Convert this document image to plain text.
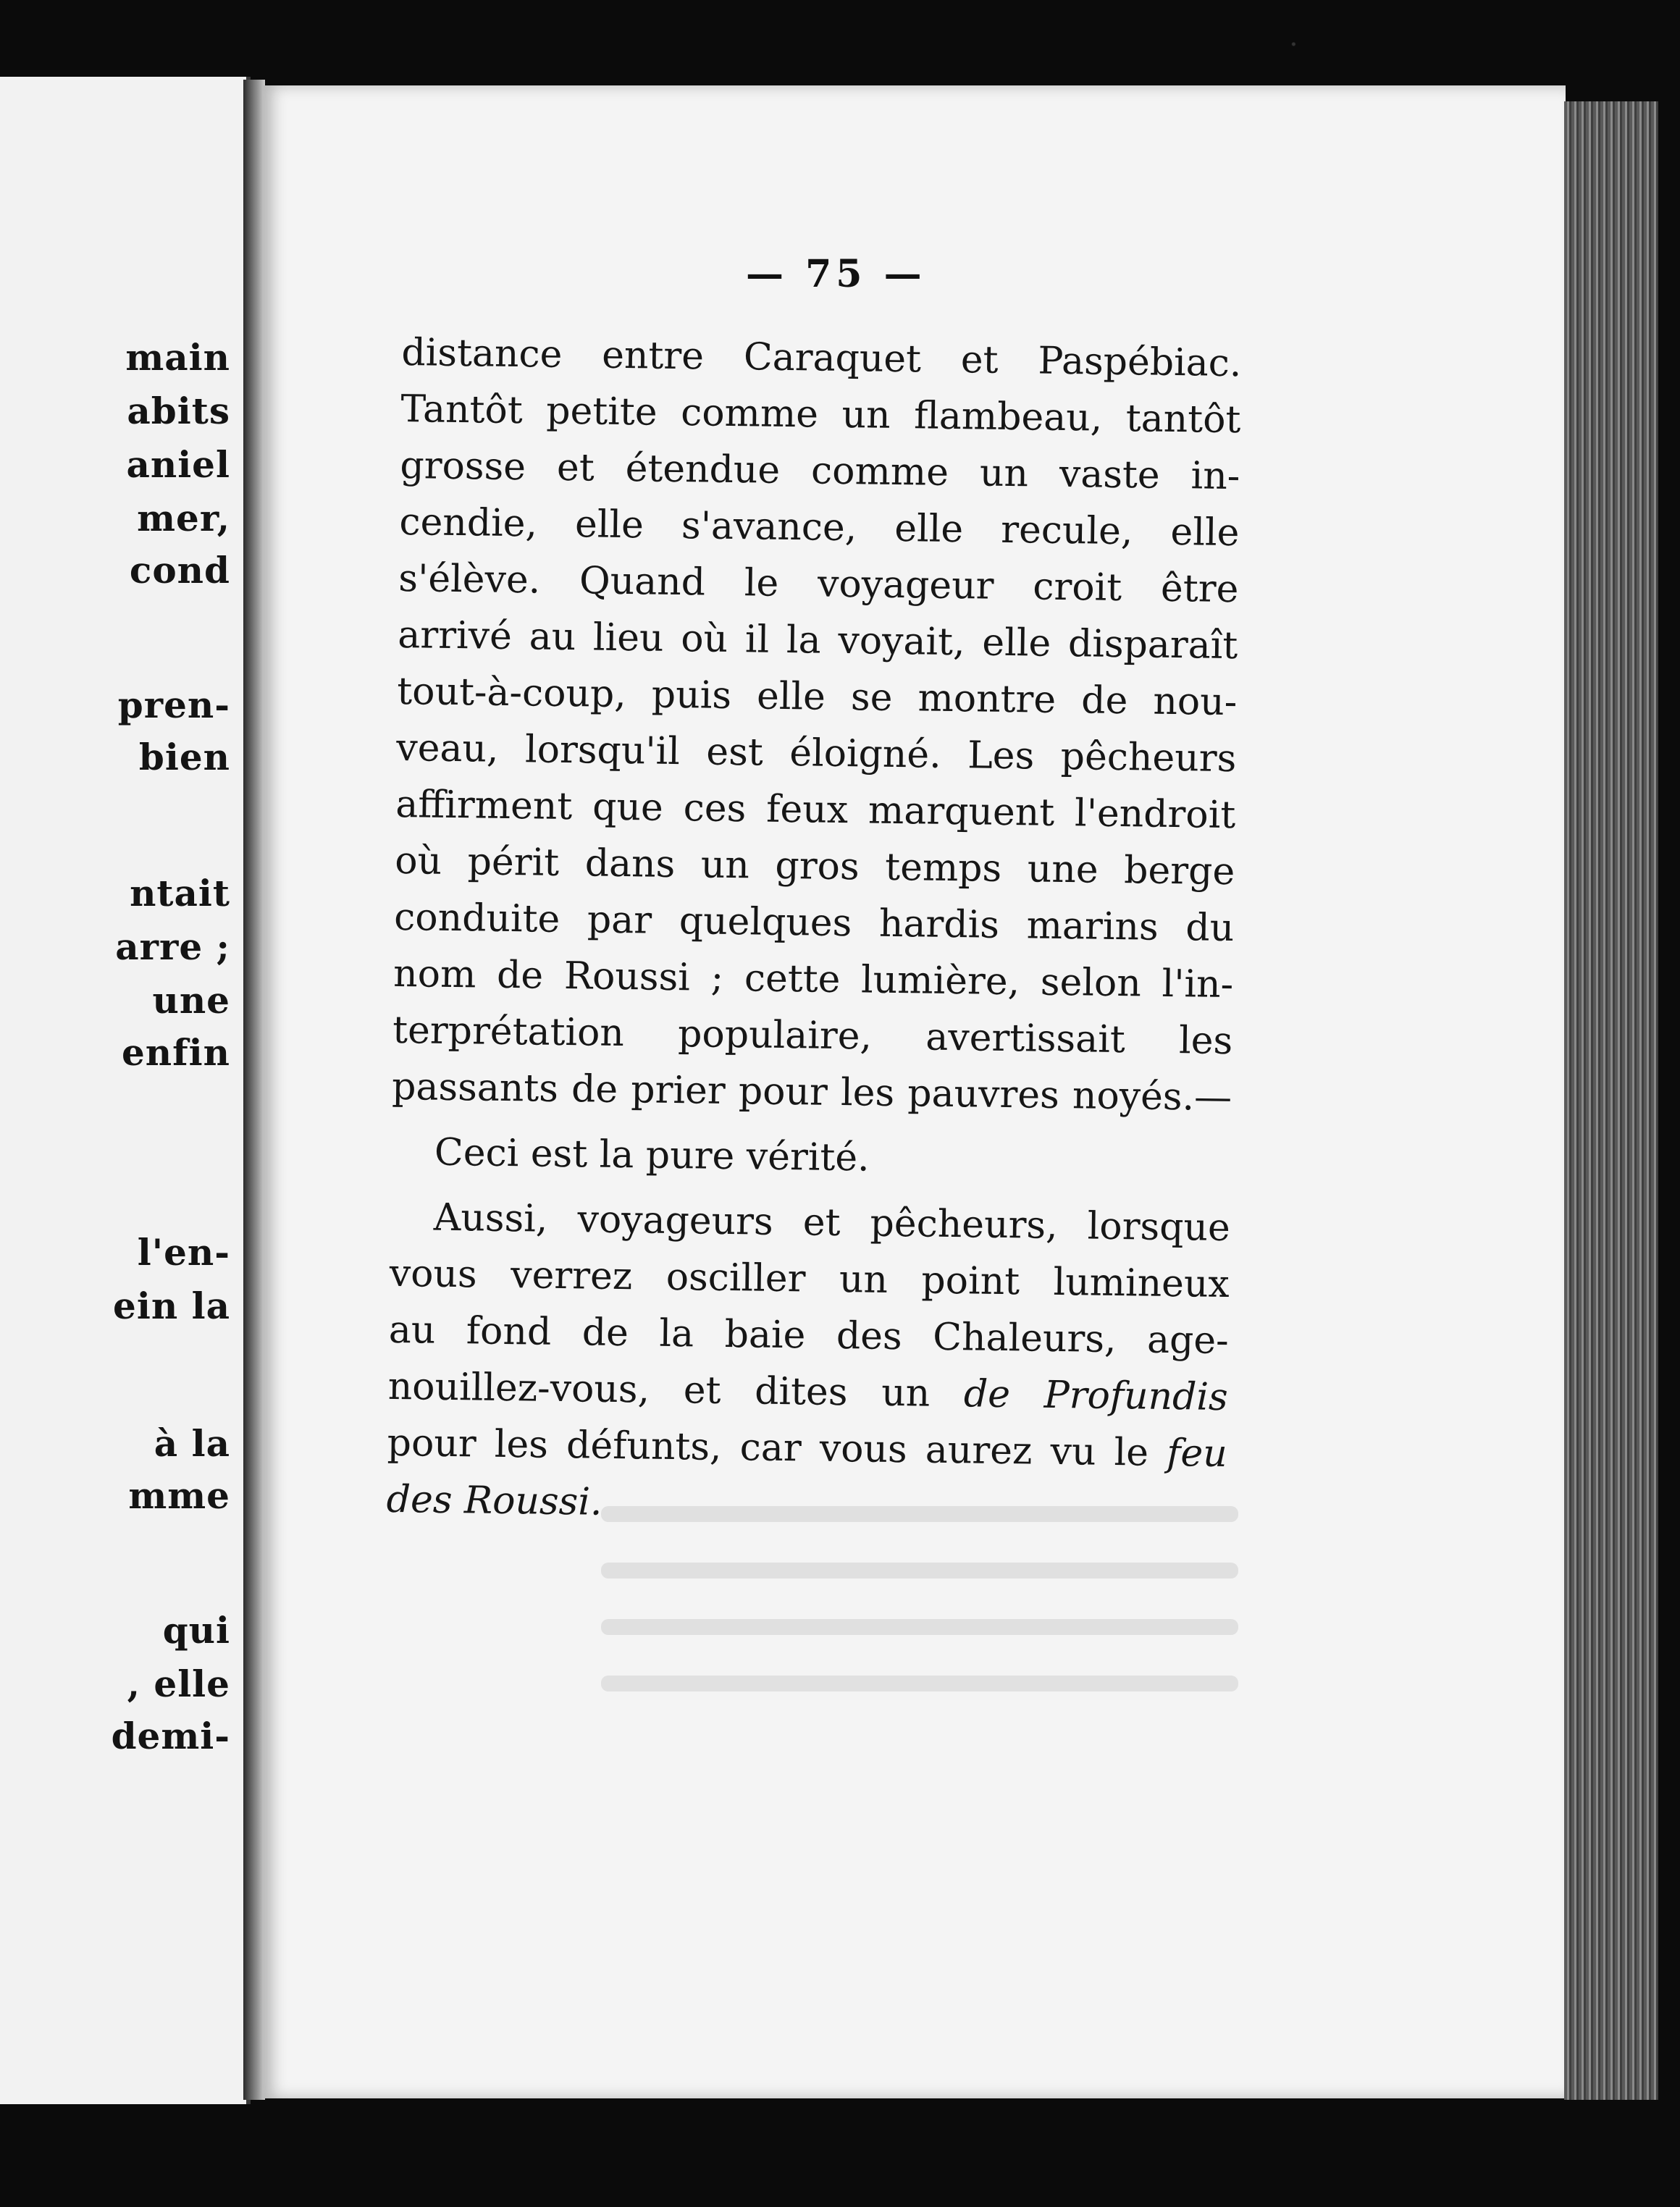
main
abits
aniel
mer,
cond
pren-
bien
ntait
arre ;
une
enfin
l'en-
ein la
à la
mme
qui
, elle
demi-
— 75 —
distance entre Caraquet et Paspébiac.
Tantôt petite comme un flambeau, tantôt
grosse et étendue comme un vaste in-
cendie, elle s'avance, elle recule, elle
s'élève. Quand le voyageur croit être
arrivé au lieu où il la voyait, elle disparaît
tout-à-coup, puis elle se montre de nou-
veau, lorsqu'il est éloigné. Les pêcheurs
affirment que ces feux marquent l'endroit
où périt dans un gros temps une berge
conduite par quelques hardis marins du
nom de Roussi ; cette lumière, selon l'in-
terprétation populaire, avertissait les
passants de prier pour les pauvres noyés.—
Ceci est la pure vérité.
Aussi, voyageurs et pêcheurs, lorsque
vous verrez osciller un point lumineux
au fond de la baie des Chaleurs, age-
nouillez-vous, et dites un de Profundis
pour les défunts, car vous aurez vu le feu
des Roussi.
